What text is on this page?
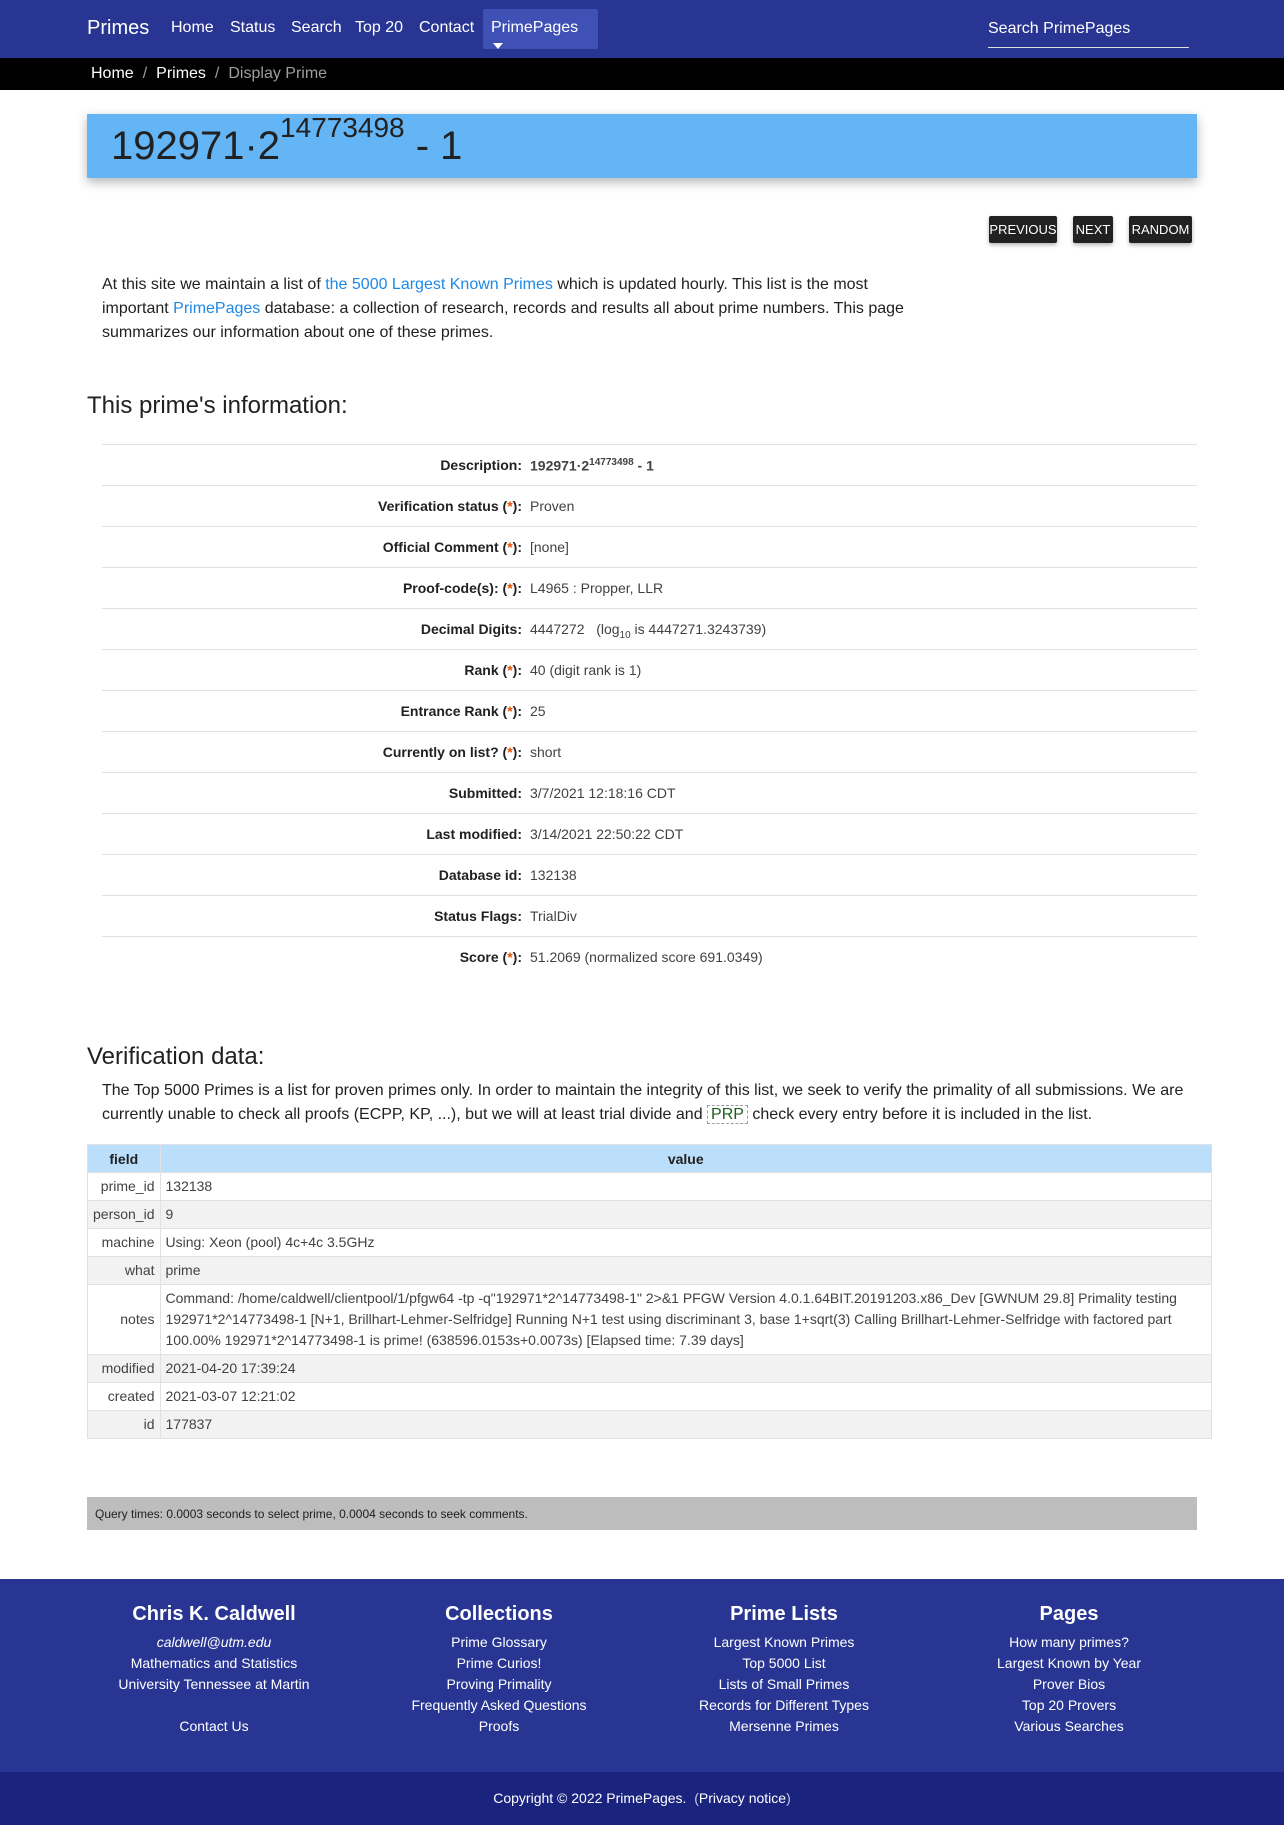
Primes Home Status Search Top 20 Contact	PrimePages
Search PrimePages
Home / Primes / Display Prime
$192971\cdot 2^{14773498} - 1$
PREVIOUS NEXT RANDOM

At this site we maintain a list of the 5000 Largest Known Primes which is updated hourly. This list is the most important PrimePages database: a collection of research, records and results all about prime numbers. This page summarizes our information about one of these primes.

This prime's information:
Description: $192971\cdot 2^{14773498} - 1$
Verification status (*): Proven
Official Comment (*): [none]
Proof-code(s): (*): L4965 : Propper, LLR
Decimal Digits: 4447272 ($\log_{10}$ is 4447271.3243739)
Rank (*): 40 (digit rank is 1)
Entrance Rank (*): 25
Currently on list? (*): short
Submitted: 3/7/2021 12:18:16 CDT
Last modified: 3/14/2021 22:50:22 CDT
Database id: 132138
Status Flags: TrialDiv
Score (*): 51.2069 (normalized score 691.0349)
Verification data:

The Top 5000 Primes is a list for proven primes only. In order to maintain the integrity of this list, we seek to verify the primality of all submissions. We are currently unable to check all proofs (ECPP, KP, ...), but we will at least trial divide and PRP check every entry before it is included in the list.

field	value
prime_id	132138
person_id	9
machine	Using: Xeon (pool) 4c+4c 3.5GHz
what	prime
notes	Command: /home/caldwell/clientpool/1/pfgw64 -tp -q"192971*2^14773498-1" 2>&1 PFGW Version 4.0.1.64BIT.20191203.x86_Dev [GWNUM 29.8] Primality testing 192971*2^14773498-1 [N+1, Brillhart-Lehmer-Selfridge] Running N+1 test using discriminant 3, base 1+sqrt(3) Calling Brillhart-Lehmer-Selfridge with factored part 100.00% 192971*2^14773498-1 is prime! (638596.0153s+0.0073s) [Elapsed time: 7.39 days]
modified	2021-04-20 17:39:24
created	2021-03-07 12:21:02
id	177837
Query times: 0.0003 seconds to select prime, 0.0004 seconds to seek comments.
Chris K. Caldwell
caldwell@utm.edu
Mathematics and Statistics
University Tennessee at Martin

Contact Us
Collections
Prime Glossary
Prime Curios!
Proving Primality
Frequently Asked Questions
Proofs
Prime Lists
Largest Known Primes
Top 5000 List
Lists of Small Primes
Records for Different Types
Mersenne Primes
Pages
How many primes?
Largest Known by Year
Prover Bios
Top 20 Provers
Various Searches
Copyright © 2022 PrimePages. (Privacy notice)
